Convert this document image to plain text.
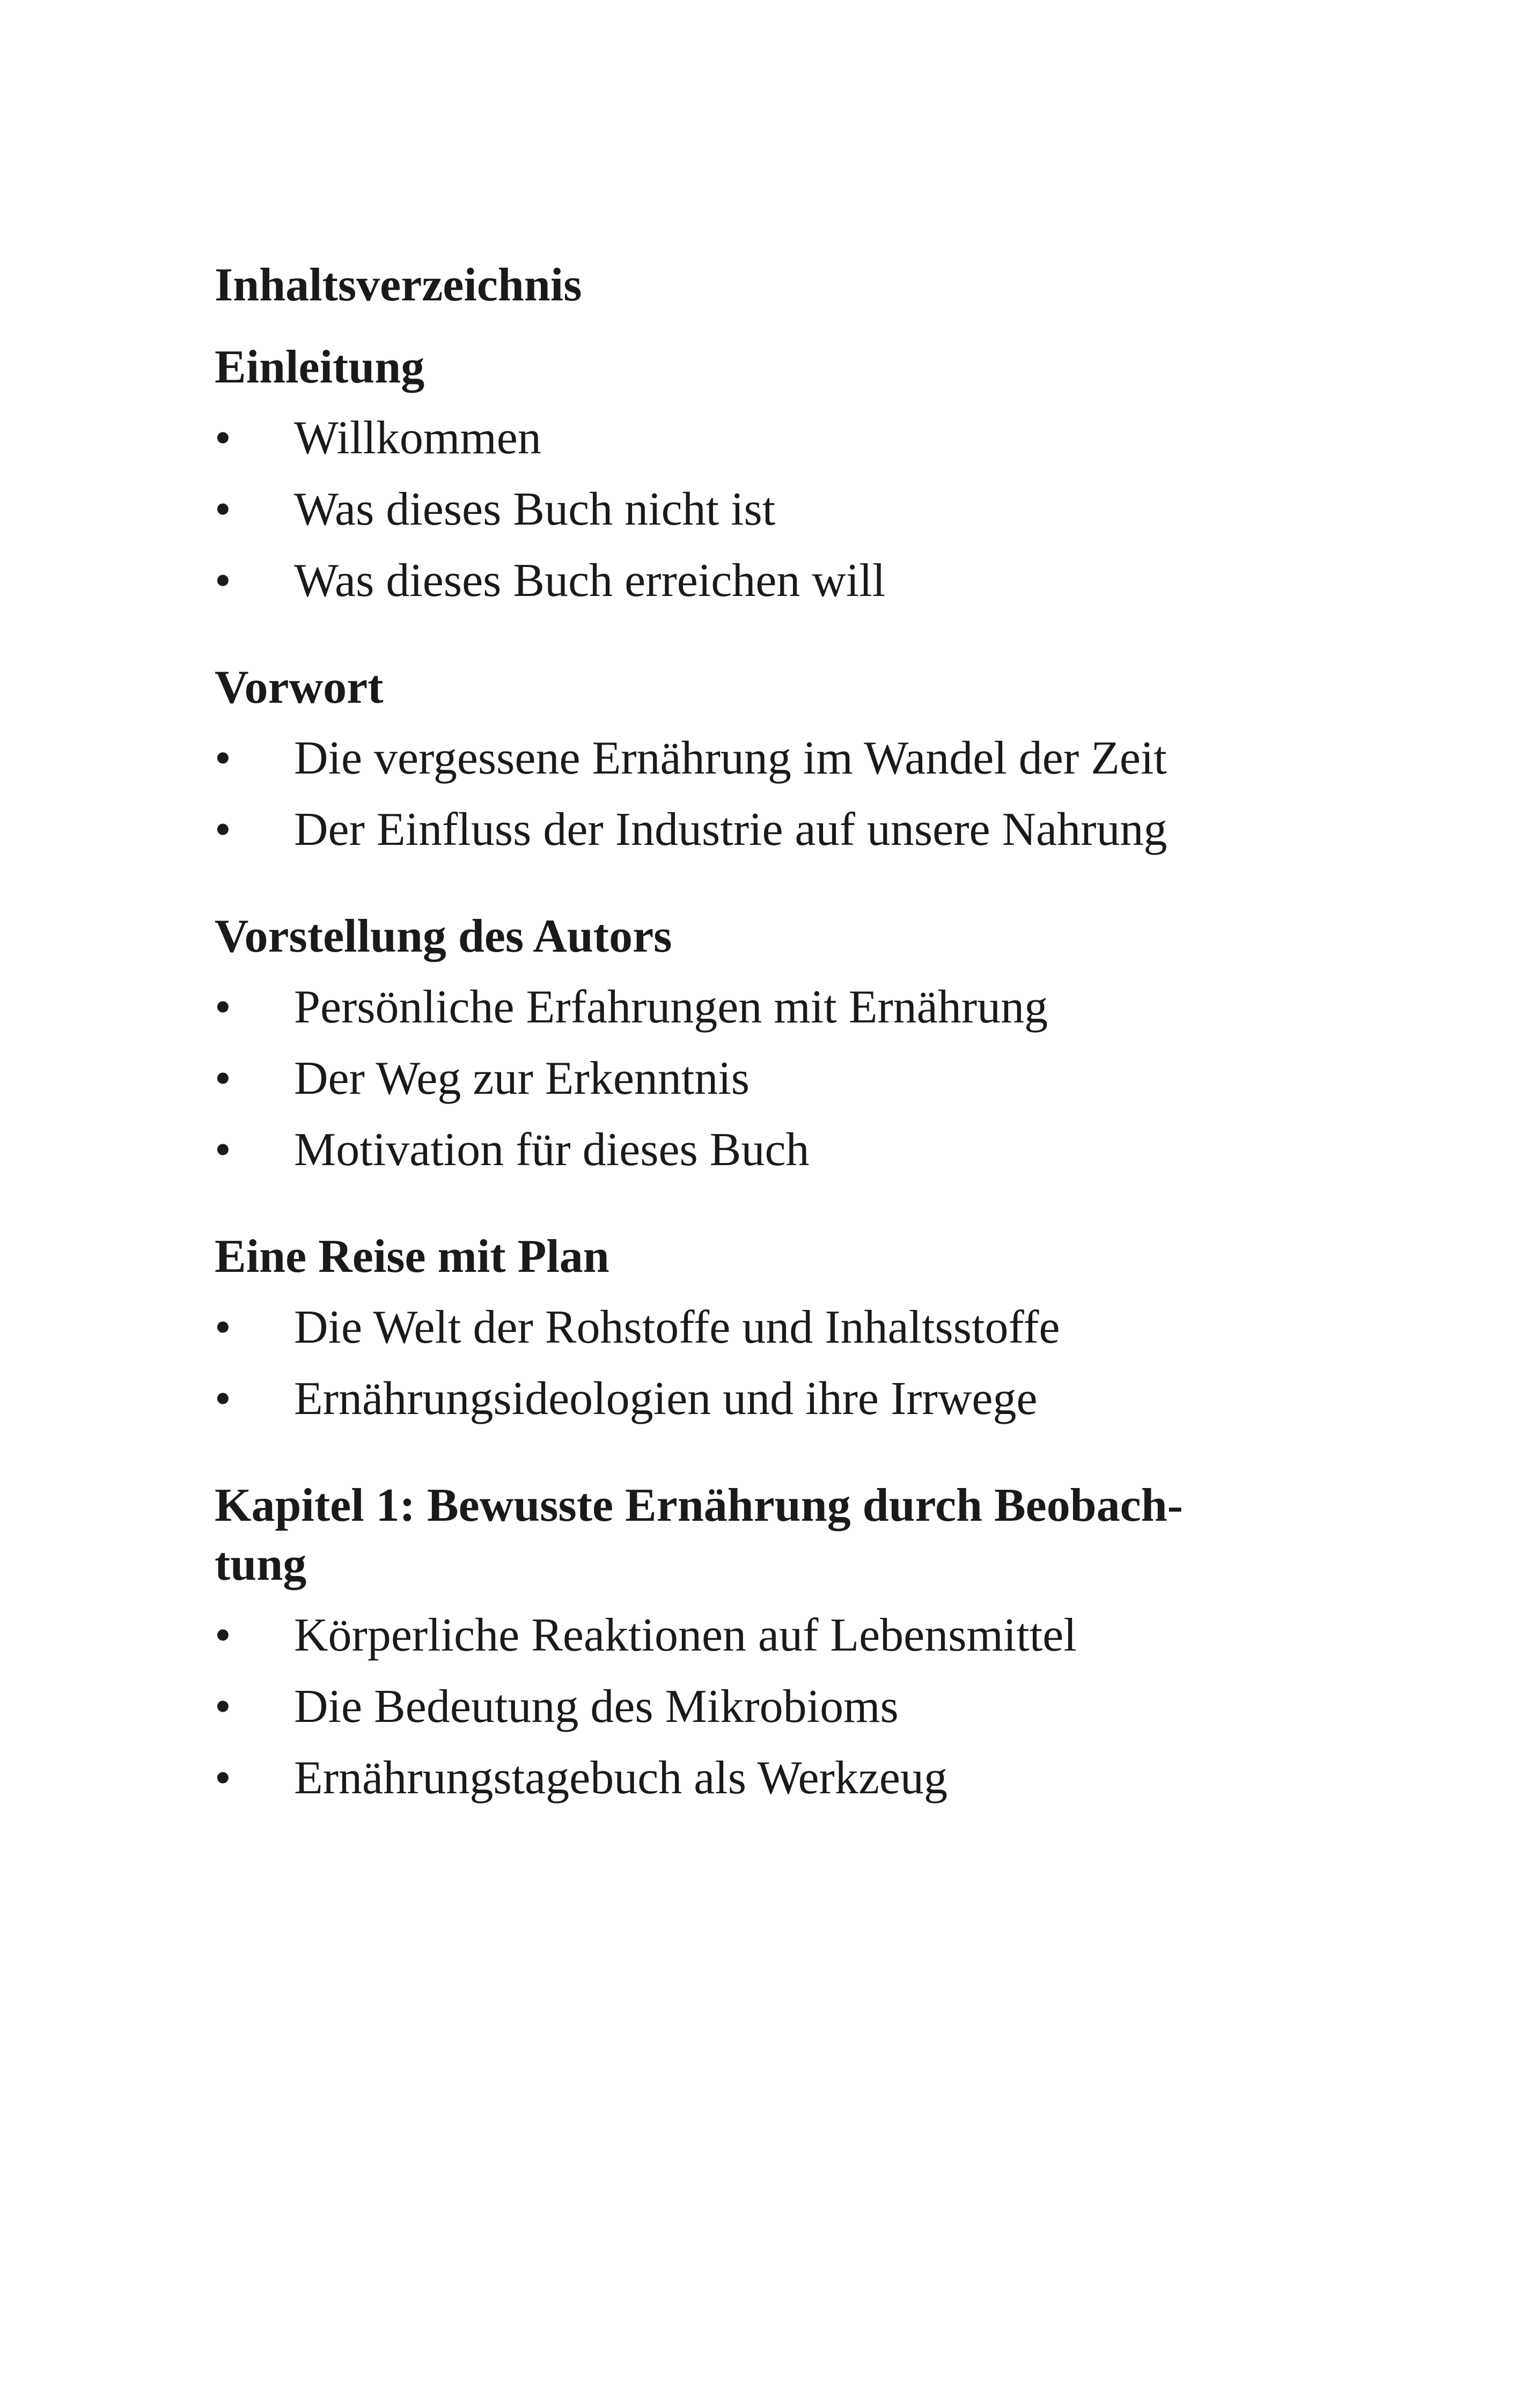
Inhaltsverzeichnis
Einleitung
•	Willkommen
•	Was dieses Buch nicht ist
•	Was dieses Buch erreichen will
Vorwort
•	Die vergessene Ernährung im Wandel der Zeit
•	Der Einfluss der Industrie auf unsere Nahrung
Vorstellung des Autors
•	Persönliche Erfahrungen mit Ernährung
•	Der Weg zur Erkenntnis
•	Motivation für dieses Buch
Eine Reise mit Plan
•	Die Welt der Rohstoffe und Inhaltsstoffe
•	Ernährungsideologien und ihre Irrwege
Kapitel 1: Bewusste Ernährung durch Beobach-
tung
•	Körperliche Reaktionen auf Lebensmittel
•	Die Bedeutung des Mikrobioms
•	Ernährungstagebuch als Werkzeug
